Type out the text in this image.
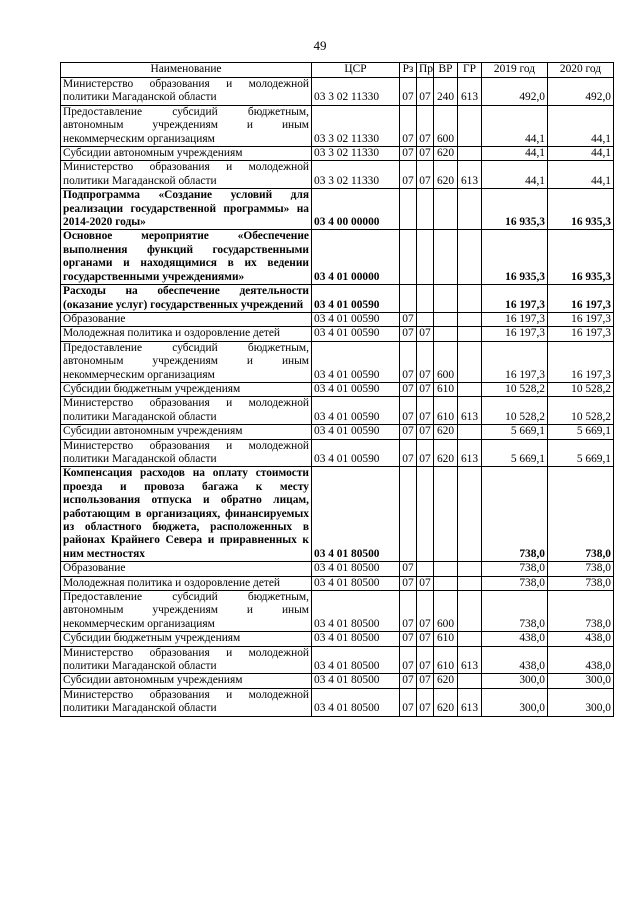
49
Наименование	ЦСР	Рз	Пр	ВР	ГР	2019 год	2020 год
Министерство образования и молодежной политики Магаданской области	03 3 02 11330	07	07	240	613	492,0	492,0
Предоставление субсидий бюджетным, автономным учреждениям и иным некоммерческим организациям	03 3 02 11330	07	07	600		44,1	44,1
Субсидии автономным учреждениям	03 3 02 11330	07	07	620		44,1	44,1
Министерство образования и молодежной политики Магаданской области	03 3 02 11330	07	07	620	613	44,1	44,1
Подпрограмма «Создание условий для реализации государственной программы» на 2014-2020 годы»	03 4 00 00000					16 935,3	16 935,3
Основное мероприятие «Обеспечение выполнения функций государственными органами и находящимися в их ведении государственными учреждениями»	03 4 01 00000					16 935,3	16 935,3
Расходы на обеспечение деятельности (оказание услуг) государственных учреждений	03 4 01 00590					16 197,3	16 197,3
Образование	03 4 01 00590	07				16 197,3	16 197,3
Молодежная политика и оздоровление детей	03 4 01 00590	07	07			16 197,3	16 197,3
Предоставление субсидий бюджетным, автономным учреждениям и иным некоммерческим организациям	03 4 01 00590	07	07	600		16 197,3	16 197,3
Субсидии бюджетным учреждениям	03 4 01 00590	07	07	610		10 528,2	10 528,2
Министерство образования и молодежной политики Магаданской области	03 4 01 00590	07	07	610	613	10 528,2	10 528,2
Субсидии автономным учреждениям	03 4 01 00590	07	07	620		5 669,1	5 669,1
Министерство образования и молодежной политики Магаданской области	03 4 01 00590	07	07	620	613	5 669,1	5 669,1
Компенсация расходов на оплату стоимости проезда и провоза багажа к месту использования отпуска и обратно лицам, работающим в организациях, финансируемых из областного бюджета, расположенных в районах Крайнего Севера и приравненных к ним местностях	03 4 01 80500					738,0	738,0
Образование	03 4 01 80500	07				738,0	738,0
Молодежная политика и оздоровление детей	03 4 01 80500	07	07			738,0	738,0
Предоставление субсидий бюджетным, автономным учреждениям и иным некоммерческим организациям	03 4 01 80500	07	07	600		738,0	738,0
Субсидии бюджетным учреждениям	03 4 01 80500	07	07	610		438,0	438,0
Министерство образования и молодежной политики Магаданской области	03 4 01 80500	07	07	610	613	438,0	438,0
Субсидии автономным учреждениям	03 4 01 80500	07	07	620		300,0	300,0
Министерство образования и молодежной политики Магаданской области	03 4 01 80500	07	07	620	613	300,0	300,0
